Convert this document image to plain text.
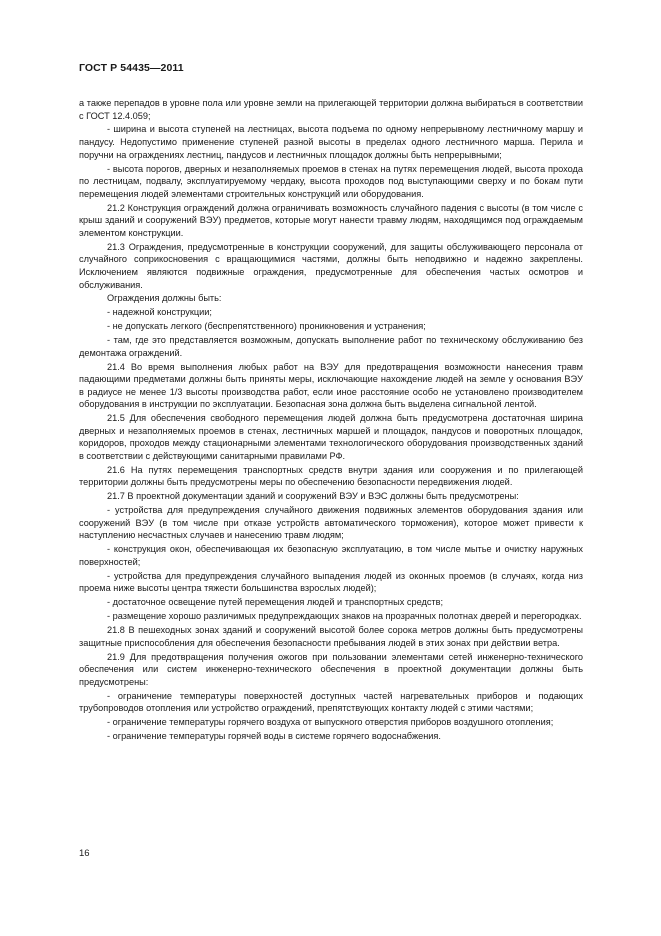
ГОСТ Р 54435—2011

а также перепадов в уровне пола или уровне земли на прилегающей территории должна выбираться в соответствии с ГОСТ 12.4.059;

- ширина и высота ступеней на лестницах, высота подъема по одному непрерывному лестничному маршу и пандусу. Недопустимо применение ступеней разной высоты в пределах одного лестничного марша. Перила и поручни на ограждениях лестниц, пандусов и лестничных площадок должны быть непрерывными;

- высота порогов, дверных и незаполняемых проемов в стенах на путях перемещения людей, высота прохода по лестницам, подвалу, эксплуатируемому чердаку, высота проходов под выступающими сверху и по бокам пути перемещения людей элементами строительных конструкций или оборудования.

21.2 Конструкция ограждений должна ограничивать возможность случайного падения с высоты (в том числе с крыш зданий и сооружений ВЭУ) предметов, которые могут нанести травму людям, находящимся под ограждаемым элементом конструкции.

21.3 Ограждения, предусмотренные в конструкции сооружений, для защиты обслуживающего персонала от случайного соприкосновения с вращающимися частями, должны быть неподвижно и надежно закреплены. Исключением являются подвижные ограждения, предусмотренные для обеспечения частых осмотров и обслуживания.

Ограждения должны быть:

- надежной конструкции;

- не допускать легкого (беспрепятственного) проникновения и устранения;

- там, где это представляется возможным, допускать выполнение работ по техническому обслуживанию без демонтажа ограждений.

21.4 Во время выполнения любых работ на ВЭУ для предотвращения возможности нанесения травм падающими предметами должны быть приняты меры, исключающие нахождение людей на земле у основания ВЭУ в радиусе не менее 1/3 высоты производства работ, если иное расстояние особо не установлено производителем оборудования в инструкции по эксплуатации. Безопасная зона должна быть выделена сигнальной лентой.

21.5 Для обеспечения свободного перемещения людей должна быть предусмотрена достаточная ширина дверных и незаполняемых проемов в стенах, лестничных маршей и площадок, пандусов и поворотных площадок, коридоров, проходов между стационарными элементами технологического оборудования производственных зданий в соответствии с действующими санитарными правилами РФ.

21.6 На путях перемещения транспортных средств внутри здания или сооружения и по прилегающей территории должны быть предусмотрены меры по обеспечению безопасности передвижения людей.

21.7 В проектной документации зданий и сооружений ВЭУ и ВЭС должны быть предусмотрены:

- устройства для предупреждения случайного движения подвижных элементов оборудования здания или сооружений ВЭУ (в том числе при отказе устройств автоматического торможения), которое может привести к наступлению несчастных случаев и нанесению травм людям;

- конструкция окон, обеспечивающая их безопасную эксплуатацию, в том числе мытье и очистку наружных поверхностей;

- устройства для предупреждения случайного выпадения людей из оконных проемов (в случаях, когда низ проема ниже высоты центра тяжести большинства взрослых людей);

- достаточное освещение путей перемещения людей и транспортных средств;

- размещение хорошо различимых предупреждающих знаков на прозрачных полотнах дверей и перегородках.

21.8 В пешеходных зонах зданий и сооружений высотой более сорока метров должны быть предусмотрены защитные приспособления для обеспечения безопасности пребывания людей в этих зонах при действии ветра.

21.9 Для предотвращения получения ожогов при пользовании элементами сетей инженерно-технического обеспечения или систем инженерно-технического обеспечения в проектной документации должны быть предусмотрены:

- ограничение температуры поверхностей доступных частей нагревательных приборов и подающих трубопроводов отопления или устройство ограждений, препятствующих контакту людей с этими частями;

- ограничение температуры горячего воздуха от выпускного отверстия приборов воздушного отопления;

- ограничение температуры горячей воды в системе горячего водоснабжения.

16
